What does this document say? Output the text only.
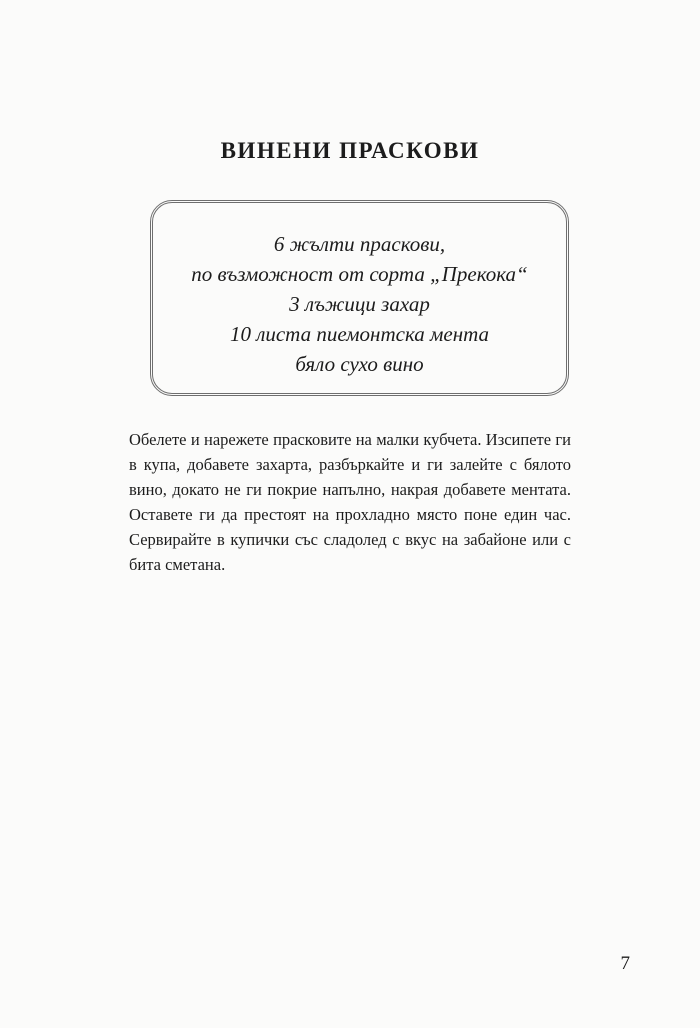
ВИНЕНИ ПРАСКОВИ

6 жълти праскови,

по възможност от сорта „Прекока“

3 лъжици захар

10 листа пиемонтска мента

бяло сухо вино

Обелете и нарежете прасковите на малки кубчета. Изсипете ги в купа, добавете захарта, разбъркайте и ги залейте с бялото вино, докато не ги покрие напълно, накрая добавете ментата. Оставете ги да престоят на прохладно място поне един час. Сервирайте в купички със сладолед с вкус на забайоне или с бита сметана.

7
